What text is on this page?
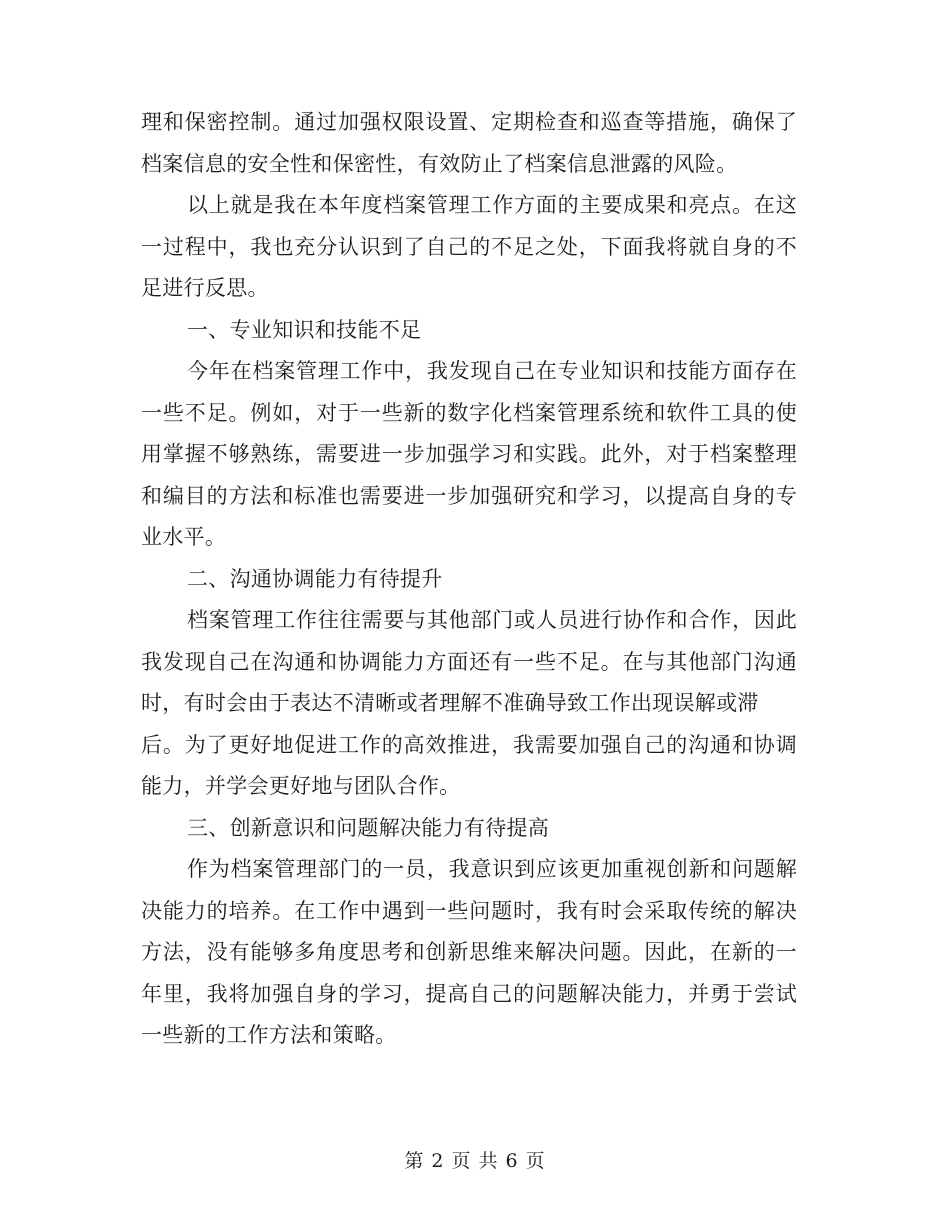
理和保密控制。通过加强权限设置、定期检查和巡查等措施，确保了
档案信息的安全性和保密性，有效防止了档案信息泄露的风险。
以上就是我在本年度档案管理工作方面的主要成果和亮点。在这
一过程中，我也充分认识到了自己的不足之处，下面我将就自身的不
足进行反思。
一、专业知识和技能不足
今年在档案管理工作中，我发现自己在专业知识和技能方面存在
一些不足。例如，对于一些新的数字化档案管理系统和软件工具的使
用掌握不够熟练，需要进一步加强学习和实践。此外，对于档案整理
和编目的方法和标准也需要进一步加强研究和学习，以提高自身的专
业水平。
二、沟通协调能力有待提升
档案管理工作往往需要与其他部门或人员进行协作和合作，因此
我发现自己在沟通和协调能力方面还有一些不足。在与其他部门沟通
时，有时会由于表达不清晰或者理解不准确导致工作出现误解或滞
后。为了更好地促进工作的高效推进，我需要加强自己的沟通和协调
能力，并学会更好地与团队合作。
三、创新意识和问题解决能力有待提高
作为档案管理部门的一员，我意识到应该更加重视创新和问题解
决能力的培养。在工作中遇到一些问题时，我有时会采取传统的解决
方法，没有能够多角度思考和创新思维来解决问题。因此，在新的一
年里，我将加强自身的学习，提高自己的问题解决能力，并勇于尝试
一些新的工作方法和策略。
第 2 页 共 6 页
